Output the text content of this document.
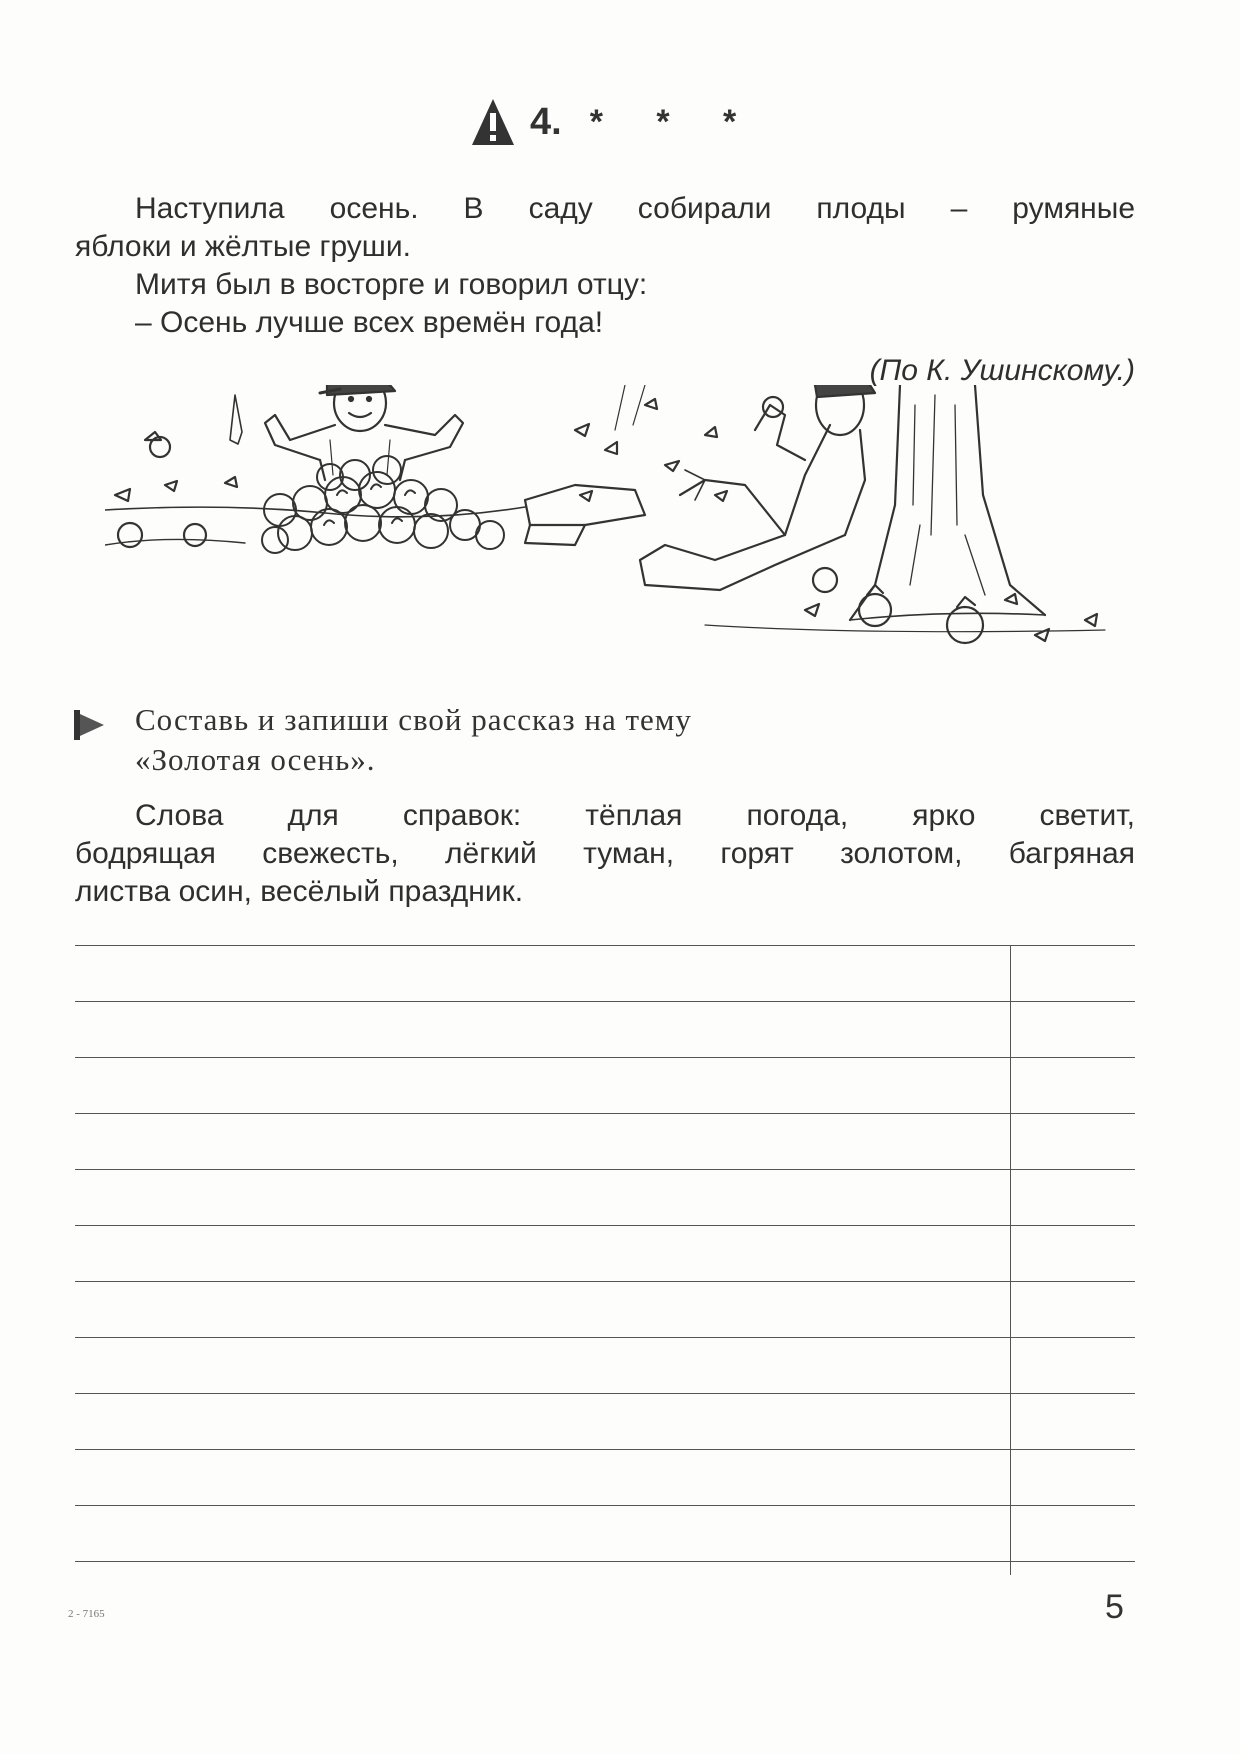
4. * * *
Наступила осень. В саду собирали плоды – румяные
яблоки и жёлтые груши.
Митя был в восторге и говорил отцу:
– Осень лучше всех времён года!
(По К. Ушинскому.)
Составь и запиши свой рассказ на тему
«Золотая осень».
Слова для справок: тёплая погода, ярко светит,
бодрящая свежесть, лёгкий туман, горят золотом, багряная
листва осин, весёлый праздник.
2 - 7165	5
